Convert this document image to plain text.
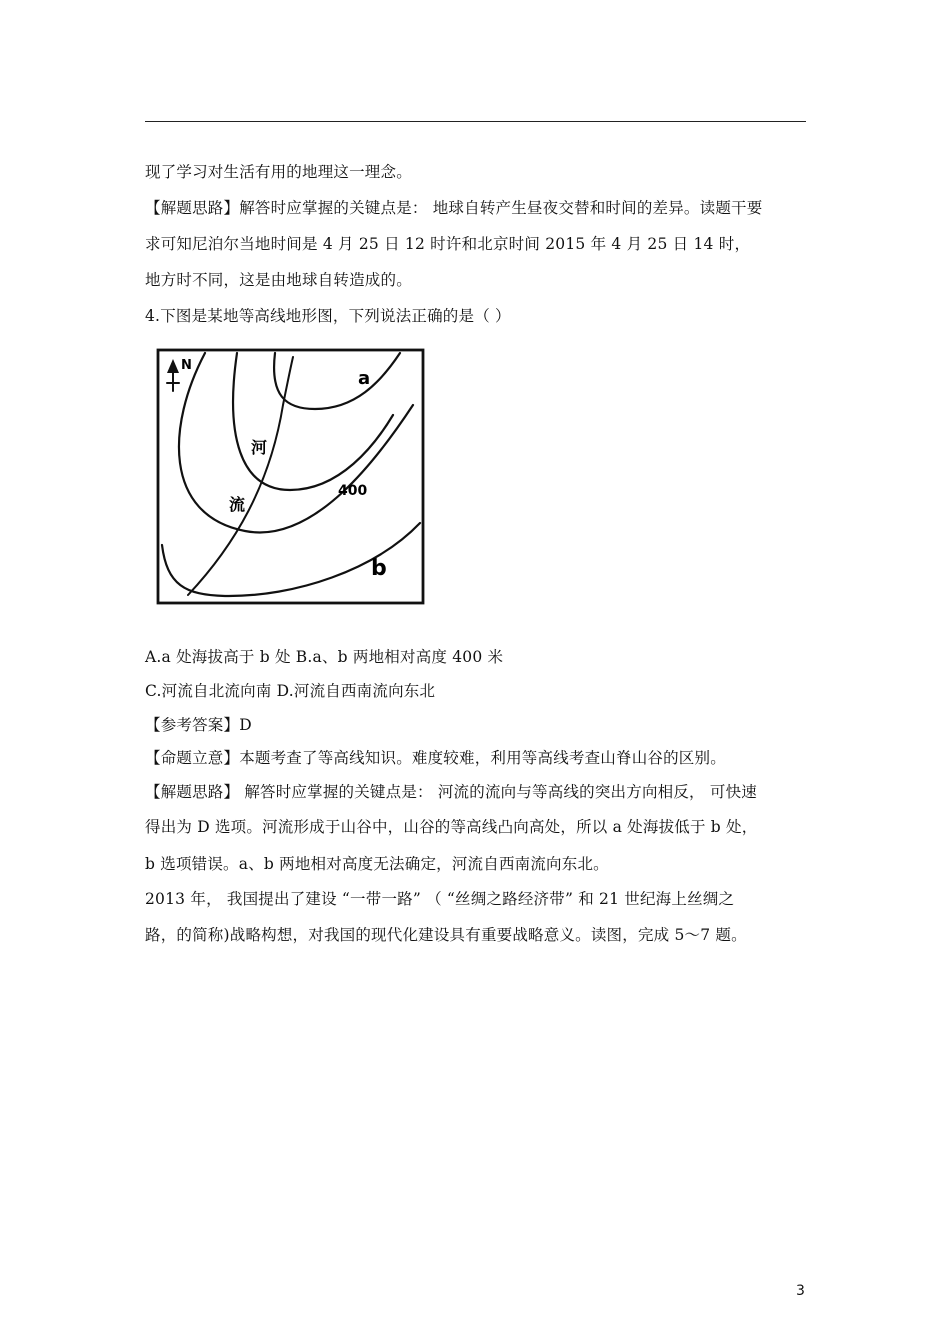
现了学习对生活有用的地理这一理念。
【解题思路】解答时应掌握的关键点是： 地球自转产生昼夜交替和时间的差异。读题干要
求可知尼泊尔当地时间是 4 月 25 日 12 时许和北京时间 2015 年 4 月 25 日 14 时，
地方时不同，这是由地球自转造成的。
4.下图是某地等高线地形图，下列说法正确的是（ ）
N
a
b
400
河
流
A.a 处海拔高于 b 处 B.a、b 两地相对高度 400 米
C.河流自北流向南 D.河流自西南流向东北
【参考答案】D
【命题立意】本题考查了等高线知识。难度较难，利用等高线考查山脊山谷的区别。
【解题思路】 解答时应掌握的关键点是： 河流的流向与等高线的突出方向相反， 可快速
得出为 D 选项。河流形成于山谷中，山谷的等高线凸向高处，所以 a 处海拔低于 b 处，
b 选项错误。a、b 两地相对高度无法确定，河流自西南流向东北。
2013 年， 我国提出了建设 “一带一路” （ “丝绸之路经济带” 和 21 世纪海上丝绸之
路，的简称)战略构想，对我国的现代化建设具有重要战略意义。读图，完成 5～7 题。
3
